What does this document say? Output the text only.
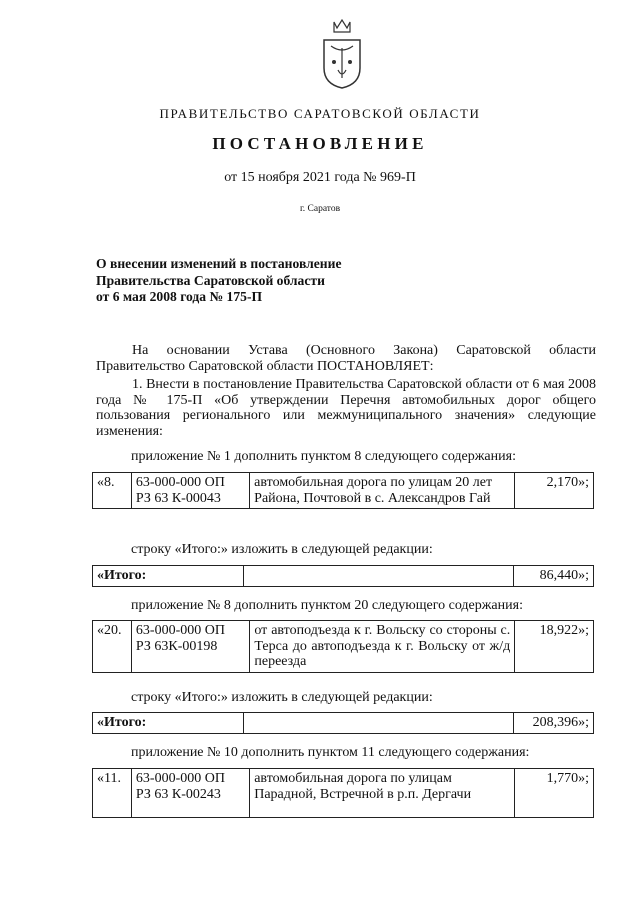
ПРАВИТЕЛЬСТВО САРАТОВСКОЙ ОБЛАСТИ
ПОСТАНОВЛЕНИЕ
от 15 ноября 2021 года № 969-П
г. Саратов
О внесении изменений в постановление
Правительства Саратовской области
от 6 мая 2008 года № 175-П
На основании Устава (Основного Закона) Саратовской области Правительство Саратовской области ПОСТАНОВЛЯЕТ:
1. Внести в постановление Правительства Саратовской области от 6 мая 2008 года № 175-П «Об утверждении Перечня автомобильных дорог общего пользования регионального или межмуниципального значения» следующие изменения:
приложение № 1 дополнить пунктом 8 следующего содержания:
«8.	63-000-000 ОП
РЗ 63 К-00043
	автомобильная дорога по улицам 20 лет Района, Почтовой в с. Александров Гай	2,170»;
строку «Итого:» изложить в следующей редакции:
«Итого:		86,440»;
приложение № 8 дополнить пунктом 20 следующего содержания:
«20.	63-000-000 ОП
РЗ 63К-00198
	от автоподъезда к г. Вольску со стороны с. Терса до автоподъезда к г. Вольску от ж/д переезда	18,922»;
строку «Итого:» изложить в следующей редакции:
«Итого:		208,396»;
приложение № 10 дополнить пунктом 11 следующего содержания:
«11.	63-000-000 ОП
РЗ 63 К-00243
	автомобильная дорога по улицам Парадной, Встречной в р.п. Дергачи	1,770»;
